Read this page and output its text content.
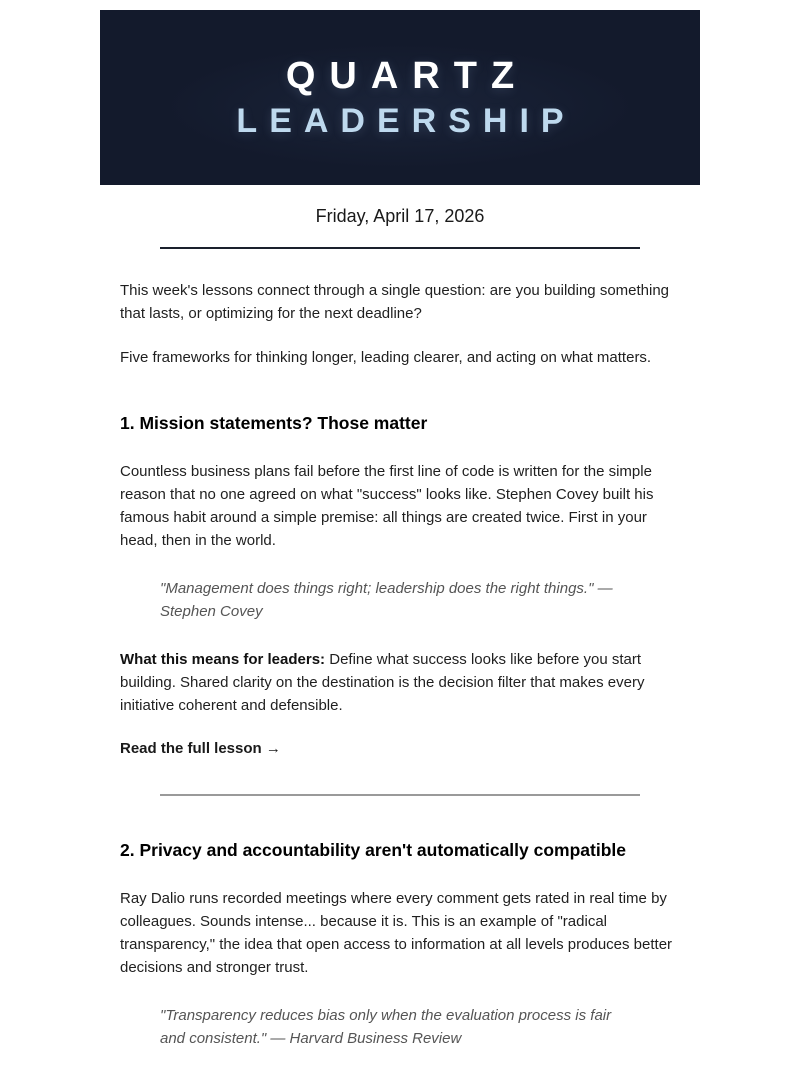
QUARTZ
LEADERSHIP

Friday, April 17, 2026

This week's lessons connect through a single question: are you building something that lasts, or optimizing for the next deadline?

Five frameworks for thinking longer, leading clearer, and acting on what matters.

1. Mission statements? Those matter

Countless business plans fail before the first line of code is written for the simple reason that no one agreed on what "success" looks like. Stephen Covey built his famous habit around a simple premise: all things are created twice. First in your head, then in the world.

"Management does things right; leadership does the right things." — Stephen Covey

What this means for leaders: Define what success looks like before you start building. Shared clarity on the destination is the decision filter that makes every initiative coherent and defensible.

Read the full lesson →
2. Privacy and accountability aren't automatically compatible

Ray Dalio runs recorded meetings where every comment gets rated in real time by colleagues. Sounds intense... because it is. This is an example of "radical transparency," the idea that open access to information at all levels produces better decisions and stronger trust.

"Transparency reduces bias only when the evaluation process is fair and consistent." — Harvard Business Review
